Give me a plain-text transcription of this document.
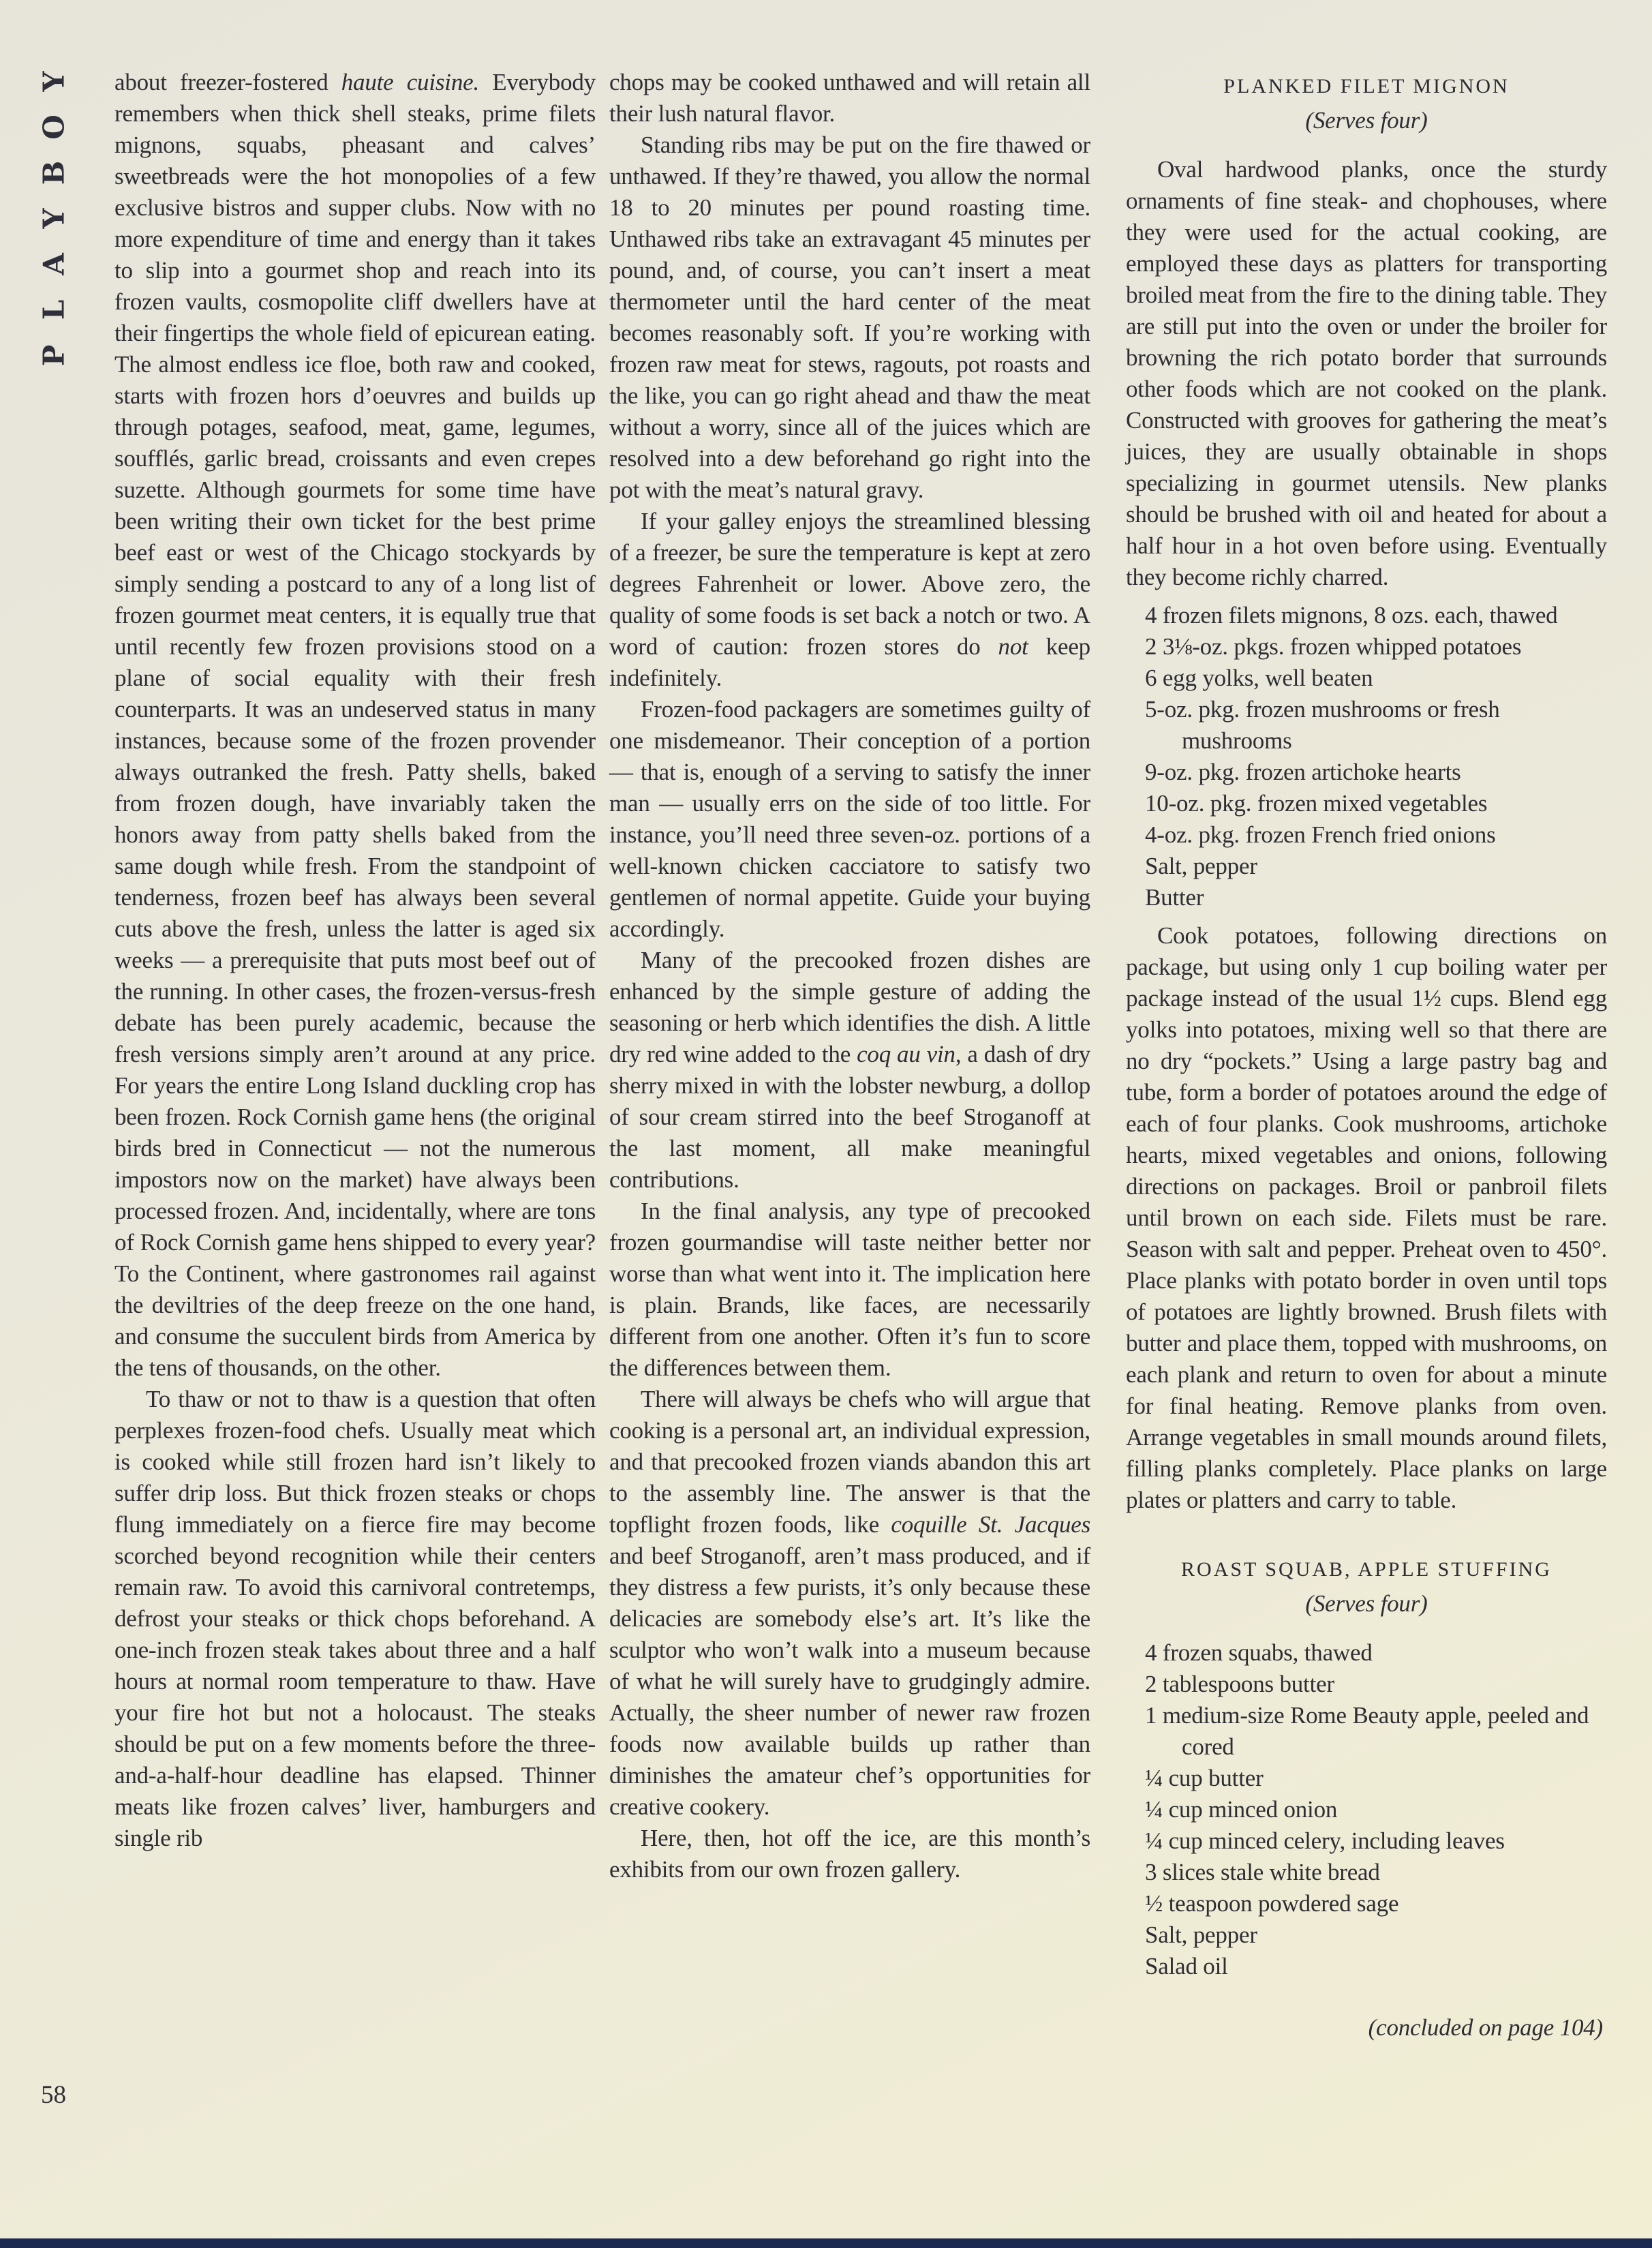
Y
O
B
Y
A
L
P
58

about freezer-fostered haute cuisine. Everybody remembers when thick shell steaks, prime filets mignons, squabs, pheasant and calves’ sweetbreads were the hot monopolies of a few exclusive bistros and supper clubs. Now with no more expenditure of time and energy than it takes to slip into a gourmet shop and reach into its frozen vaults, cosmopolite cliff dwellers have at their fingertips the whole field of epicurean eating. The almost endless ice floe, both raw and cooked, starts with frozen hors d’oeuvres and builds up through potages, seafood, meat, game, legumes, soufflés, garlic bread, croissants and even crepes suzette. Although gourmets for some time have been writing their own ticket for the best prime beef east or west of the Chicago stockyards by simply sending a postcard to any of a long list of frozen gourmet meat centers, it is equally true that until recently few frozen provisions stood on a plane of social equality with their fresh counterparts. It was an undeserved status in many instances, because some of the frozen provender always outranked the fresh. Patty shells, baked from frozen dough, have invariably taken the honors away from patty shells baked from the same dough while fresh. From the standpoint of tenderness, frozen beef has always been several cuts above the fresh, unless the latter is aged six weeks — a prerequisite that puts most beef out of the running. In other cases, the frozen-versus-fresh debate has been purely academic, because the fresh versions simply aren’t around at any price. For years the entire Long Island duckling crop has been frozen. Rock Cornish game hens (the original birds bred in Connecticut — not the numerous impostors now on the market) have always been processed frozen. And, incidentally, where are tons of Rock Cornish game hens shipped to every year? To the Continent, where gastronomes rail against the deviltries of the deep freeze on the one hand, and consume the succulent birds from America by the tens of thousands, on the other.

To thaw or not to thaw is a question that often perplexes frozen-food chefs. Usually meat which is cooked while still frozen hard isn’t likely to suffer drip loss. But thick frozen steaks or chops flung immediately on a fierce fire may become scorched beyond recognition while their centers remain raw. To avoid this carnivoral contretemps, defrost your steaks or thick chops beforehand. A one-inch frozen steak takes about three and a half hours at normal room temperature to thaw. Have your fire hot but not a holocaust. The steaks should be put on a few moments before the three-and-a-half-hour deadline has elapsed. Thinner meats like frozen calves’ liver, hamburgers and single rib

chops may be cooked unthawed and will retain all their lush natural flavor.

Standing ribs may be put on the fire thawed or unthawed. If they’re thawed, you allow the normal 18 to 20 minutes per pound roasting time. Unthawed ribs take an extravagant 45 minutes per pound, and, of course, you can’t insert a meat thermometer until the hard center of the meat becomes reasonably soft. If you’re working with frozen raw meat for stews, ragouts, pot roasts and the like, you can go right ahead and thaw the meat without a worry, since all of the juices which are resolved into a dew beforehand go right into the pot with the meat’s natural gravy.

If your galley enjoys the streamlined blessing of a freezer, be sure the temperature is kept at zero degrees Fahrenheit or lower. Above zero, the quality of some foods is set back a notch or two. A word of caution: frozen stores do not keep indefinitely.

Frozen-food packagers are sometimes guilty of one misdemeanor. Their conception of a portion — that is, enough of a serving to satisfy the inner man — usually errs on the side of too little. For instance, you’ll need three seven-oz. portions of a well-known chicken cacciatore to satisfy two gentlemen of normal appetite. Guide your buying accordingly.

Many of the precooked frozen dishes are enhanced by the simple gesture of adding the seasoning or herb which identifies the dish. A little dry red wine added to the coq au vin, a dash of dry sherry mixed in with the lobster newburg, a dollop of sour cream stirred into the beef Stroganoff at the last moment, all make meaningful contributions.

In the final analysis, any type of precooked frozen gourmandise will taste neither better nor worse than what went into it. The implication here is plain. Brands, like faces, are necessarily different from one another. Often it’s fun to score the differences between them.

There will always be chefs who will argue that cooking is a personal art, an individual expression, and that precooked frozen viands abandon this art to the assembly line. The answer is that the topflight frozen foods, like coquille St. Jacques and beef Stroganoff, aren’t mass produced, and if they distress a few purists, it’s only because these delicacies are somebody else’s art. It’s like the sculptor who won’t walk into a museum because of what he will surely have to grudgingly admire. Actually, the sheer number of newer raw frozen foods now available builds up rather than diminishes the amateur chef’s opportunities for creative cookery.

Here, then, hot off the ice, are this month’s exhibits from our own frozen gallery.

PLANKED FILET MIGNON
(Serves four)

Oval hardwood planks, once the sturdy ornaments of fine steak- and chophouses, where they were used for the actual cooking, are employed these days as platters for transporting broiled meat from the fire to the dining table. They are still put into the oven or under the broiler for browning the rich potato border that surrounds other foods which are not cooked on the plank. Constructed with grooves for gathering the meat’s juices, they are usually obtainable in shops specializing in gourmet utensils. New planks should be brushed with oil and heated for about a half hour in a hot oven before using. Eventually they become richly charred.

4 frozen filets mignons, 8 ozs. each, thawed
2 3⅛-oz. pkgs. frozen whipped potatoes
6 egg yolks, well beaten
5-oz. pkg. frozen mushrooms or fresh mushrooms
9-oz. pkg. frozen artichoke hearts
10-oz. pkg. frozen mixed vegetables
4-oz. pkg. frozen French fried onions
Salt, pepper
Butter

Cook potatoes, following directions on package, but using only 1 cup boiling water per package instead of the usual 1½ cups. Blend egg yolks into potatoes, mixing well so that there are no dry “pockets.” Using a large pastry bag and tube, form a border of potatoes around the edge of each of four planks. Cook mushrooms, artichoke hearts, mixed vegetables and onions, following directions on packages. Broil or panbroil filets until brown on each side. Filets must be rare. Season with salt and pepper. Preheat oven to 450°. Place planks with potato border in oven until tops of potatoes are lightly browned. Brush filets with butter and place them, topped with mushrooms, on each plank and return to oven for about a minute for final heating. Remove planks from oven. Arrange vegetables in small mounds around filets, filling planks completely. Place planks on large plates or platters and carry to table.

ROAST SQUAB, APPLE STUFFING
(Serves four)
4 frozen squabs, thawed
2 tablespoons butter
1 medium-size Rome Beauty apple, peeled and cored
¼ cup butter
¼ cup minced onion
¼ cup minced celery, including leaves
3 slices stale white bread
½ teaspoon powdered sage
Salt, pepper
Salad oil
(concluded on page 104)
